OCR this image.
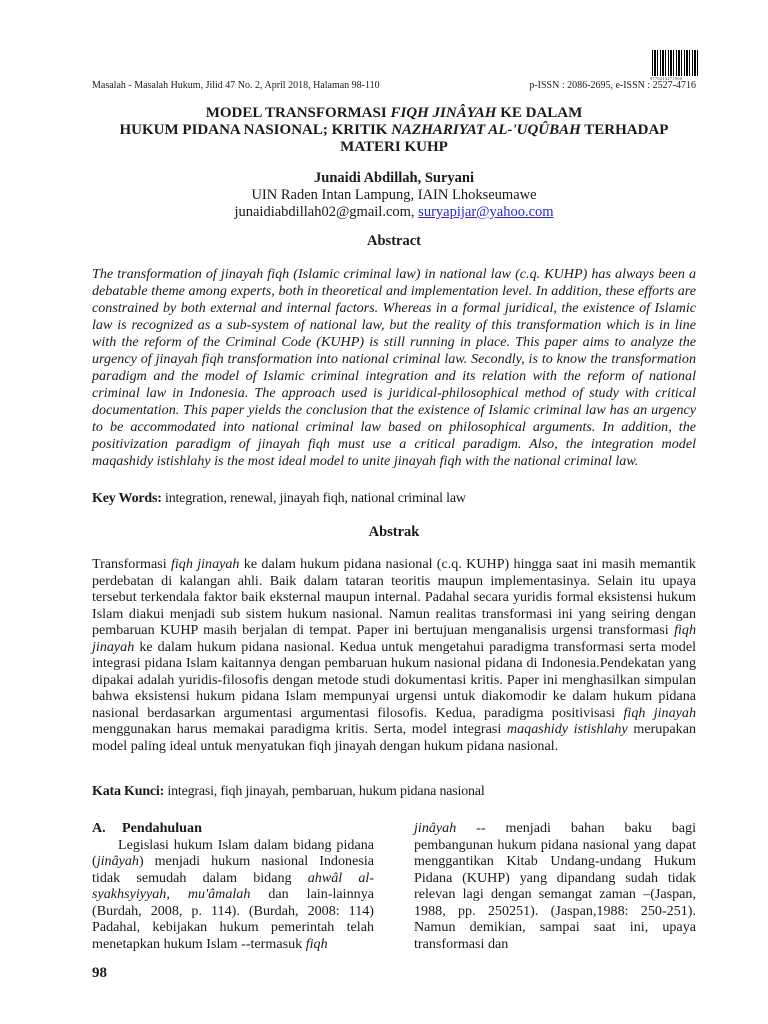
9770215271900
Masalah - Masalah Hukum, Jilid 47 No. 2, April 2018, Halaman 98-110	p-ISSN : 2086-2695, e-ISSN : 2527-4716
MODEL TRANSFORMASI FIQH JINÂYAH KE DALAM
HUKUM PIDANA NASIONAL; KRITIK NAZHARIYAT AL-'UQÛBAH TERHADAP
MATERI KUHP
Junaidi Abdillah, Suryani
UIN Raden Intan Lampung, IAIN Lhokseumawe
junaidiabdillah02@gmail.com, suryapijar@yahoo.com
Abstract
The transformation of jinayah fiqh (Islamic criminal law) in national law (c.q. KUHP) has always been a debatable theme among experts, both in theoretical and implementation level. In addition, these efforts are constrained by both external and internal factors. Whereas in a formal juridical, the existence of Islamic law is recognized as a sub-system of national law, but the reality of this transformation which is in line with the reform of the Criminal Code (KUHP) is still running in place. This paper aims to analyze the urgency of jinayah fiqh transformation into national criminal law. Secondly, is to know the transformation paradigm and the model of Islamic criminal integration and its relation with the reform of national criminal law in Indonesia. The approach used is juridical-philosophical method of study with critical documentation. This paper yields the conclusion that the existence of Islamic criminal law has an urgency to be accommodated into national criminal law based on philosophical arguments. In addition, the positivization paradigm of jinayah fiqh must use a critical paradigm. Also, the integration model maqashidy istishlahy is the most ideal model to unite jinayah fiqh with the national criminal law.
Key Words: integration, renewal, jinayah fiqh, national criminal law
Abstrak
Transformasi fiqh jinayah ke dalam hukum pidana nasional (c.q. KUHP) hingga saat ini masih memantik perdebatan di kalangan ahli. Baik dalam tataran teoritis maupun implementasinya. Selain itu upaya tersebut terkendala faktor baik eksternal maupun internal. Padahal secara yuridis formal eksistensi hukum Islam diakui menjadi sub sistem hukum nasional. Namun realitas transformasi ini yang seiring dengan pembaruan KUHP masih berjalan di tempat. Paper ini bertujuan menganalisis urgensi transformasi fiqh jinayah ke dalam hukum pidana nasional. Kedua untuk mengetahui paradigma transformasi serta model integrasi pidana Islam kaitannya dengan pembaruan hukum nasional pidana di Indonesia.Pendekatan yang dipakai adalah yuridis-filosofis dengan metode studi dokumentasi kritis. Paper ini menghasilkan simpulan bahwa eksistensi hukum pidana Islam mempunyai urgensi untuk diakomodir ke dalam hukum pidana nasional berdasarkan argumentasi argumentasi filosofis. Kedua, paradigma positivisasi fiqh jinayah menggunakan harus memakai paradigma kritis. Serta, model integrasi maqashidy istishlahy merupakan model paling ideal untuk menyatukan fiqh jinayah dengan hukum pidana nasional.
Kata Kunci: integrasi, fiqh jinayah, pembaruan, hukum pidana nasional
A. Pendahuluan

Legislasi hukum Islam dalam bidang pidana (jinâyah) menjadi hukum nasional Indonesia tidak semudah dalam bidang ahwâl al-syakhsyiyyah, mu'âmalah dan lain-lainnya (Burdah, 2008, p. 114). (Burdah, 2008: 114) Padahal, kebijakan hukum pemerintah telah menetapkan hukum Islam --termasuk fiqh

jinâyah -- menjadi bahan baku bagi pembangunan hukum pidana nasional yang dapat menggantikan Kitab Undang-undang Hukum Pidana (KUHP) yang dipandang sudah tidak relevan lagi dengan semangat zaman –(Jaspan, 1988, pp. 250251). (Jaspan,1988: 250-251). Namun demikian, sampai saat ini, upaya transformasi dan

98
